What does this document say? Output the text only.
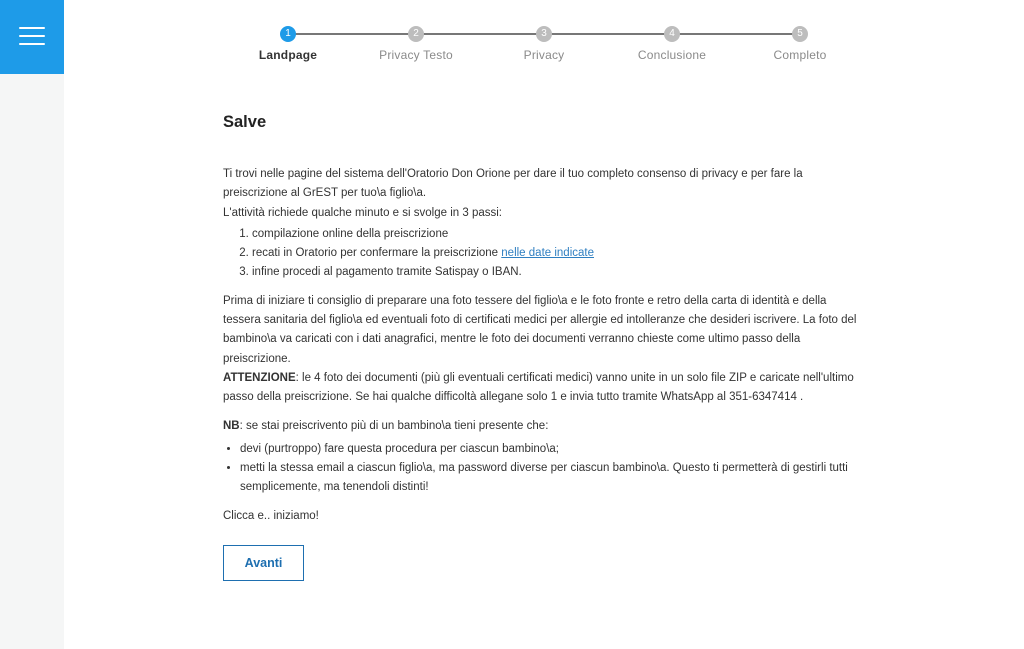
1
Landpage
2
Privacy Testo
3
Privacy
4
Conclusione
5
Completo
Salve

Ti trovi nelle pagine del sistema dell'Oratorio Don Orione per dare il tuo completo consenso di privacy e per fare la preiscrizione al GrEST per tuo\a figlio\a.

L'attività richiede qualche minuto e si svolge in 3 passi:

1. compilazione online della preiscrizione
2. recati in Oratorio per confermare la preiscrizione nelle date indicate
3. infine procedi al pagamento tramite Satispay o IBAN.

Prima di iniziare ti consiglio di preparare una foto tessere del figlio\a e le foto fronte e retro della carta di identità e della tessera sanitaria del figlio\a ed eventuali foto di certificati medici per allergie ed intolleranze che desideri iscrivere. La foto del bambino\a va caricati con i dati anagrafici, mentre le foto dei documenti verranno chieste come ultimo passo della preiscrizione.

ATTENZIONE: le 4 foto dei documenti (più gli eventuali certificati medici) vanno unite in un solo file ZIP e caricate nell'ultimo passo della preiscrizione. Se hai qualche difficoltà allegane solo 1 e invia tutto tramite WhatsApp al 351-6347414 .

NB: se stai preiscrivento più di un bambino\a tieni presente che:

• devi (purtroppo) fare questa procedura per ciascun bambino\a;
• metti la stessa email a ciascun figlio\a, ma password diverse per ciascun bambino\a. Questo ti permetterà di gestirli tutti semplicemente, ma tenendoli distinti!

Clicca e.. iniziamo!

Avanti
